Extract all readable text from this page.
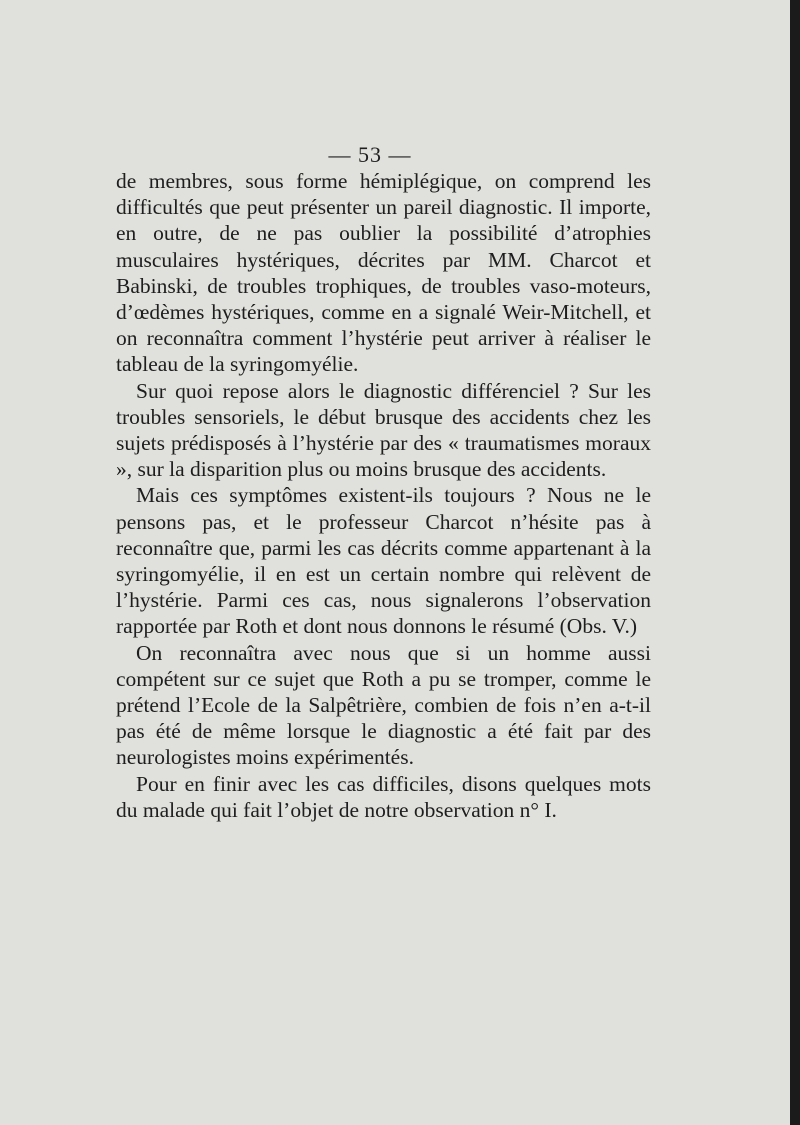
— 53 —

de membres, sous forme hémiplégique, on comprend les difficultés que peut présenter un pareil diagnostic. Il importe, en outre, de ne pas oublier la possibilité d’atrophies musculaires hystériques, décrites par MM. Charcot et Babinski, de troubles trophiques, de troubles vaso-moteurs, d’œdèmes hystériques, comme en a signalé Weir-Mitchell, et on reconnaîtra comment l’hystérie peut arriver à réaliser le tableau de la syringomyélie.

Sur quoi repose alors le diagnostic différenciel ? Sur les troubles sensoriels, le début brusque des accidents chez les sujets prédisposés à l’hystérie par des « traumatismes moraux », sur la disparition plus ou moins brusque des accidents.

Mais ces symptômes existent-ils toujours ? Nous ne le pensons pas, et le professeur Charcot n’hésite pas à reconnaître que, parmi les cas décrits comme appartenant à la syringomyélie, il en est un certain nombre qui relèvent de l’hystérie. Parmi ces cas, nous signalerons l’observation rapportée par Roth et dont nous donnons le résumé (Obs. V.)

On reconnaîtra avec nous que si un homme aussi compétent sur ce sujet que Roth a pu se tromper, comme le prétend l’Ecole de la Salpêtrière, combien de fois n’en a-t-il pas été de même lorsque le diagnostic a été fait par des neurologistes moins expérimentés.

Pour en finir avec les cas difficiles, disons quelques mots du malade qui fait l’objet de notre observation n° I.
